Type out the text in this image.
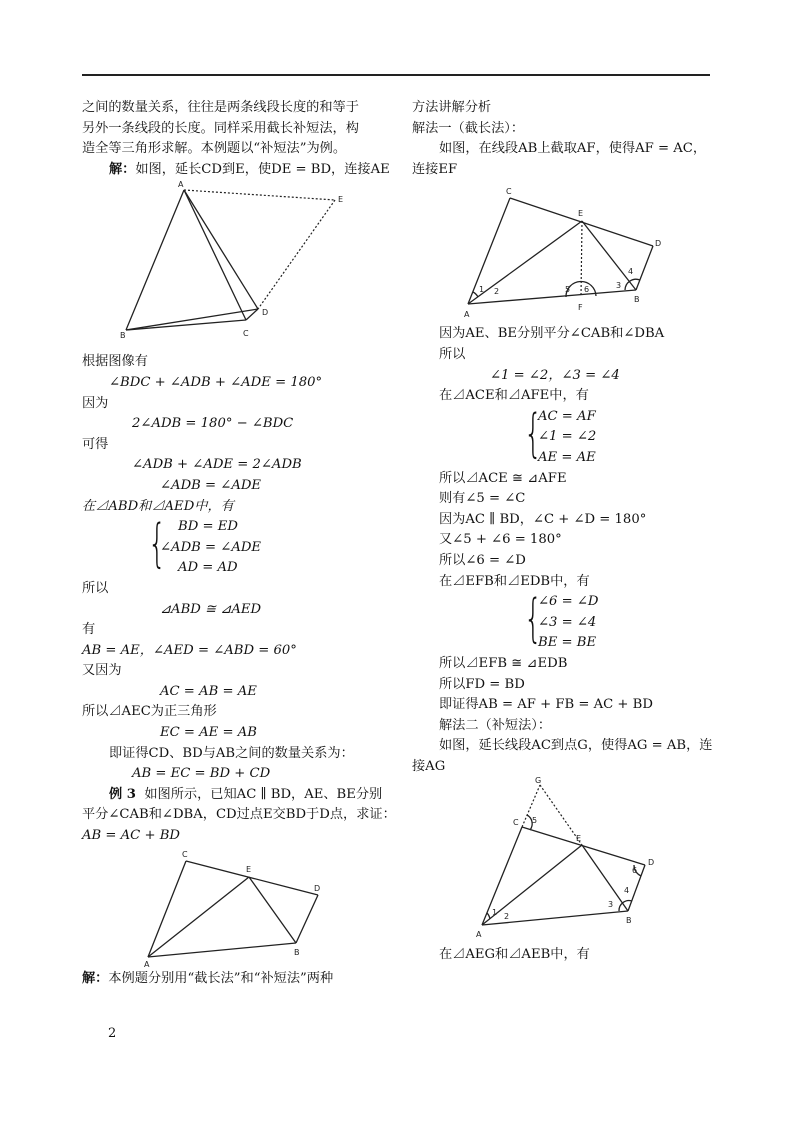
之间的数量关系，往往是两条线段长度的和等于
另外一条线段的长度。同样采用截长补短法，构
造全等三角形求解。本例题以“补短法”为例。
解：如图，延长CD到E，使DE = BD，连接AE
A
E
D
B	C
根据图像有
∠BDC + ∠ADB + ∠ADE = 180°
因为
2∠ADB = 180° − ∠BDC
可得
∠ADB + ∠ADE = 2∠ADB
∠ADB = ∠ADE
在⊿ABD和⊿AED中，有
{ BD = ED
∠ADB = ∠ADE
AD = AD
所以
⊿ABD ≅ ⊿AED
有
AB = AE，∠AED = ∠ABD = 60°
又因为
AC = AB = AE
所以⊿AEC为正三角形
EC = AE = AB
即证得CD、BD与AB之间的数量关系为：
AB = EC = BD + CD
例 3 如图所示，已知AC ∥ BD，AE、BE分别
平分∠CAB和∠DBA，CD过点E交BD于D点，求证：
AB = AC + BD
C
E
D
A
B
解：本例题分别用“截长法”和“补短法”两种
方法讲解分析
解法一（截长法）：
如图，在线段AB上截取AF，使得AF = AC，
连接EF
C
E
D
A
F
B
1 2
3
4
5 6
因为AE、BE分别平分∠CAB和∠DBA
所以
∠1 = ∠2，∠3 = ∠4
在⊿ACE和⊿AFE中，有
{
AC = AF
∠1 = ∠2
AE = AE
所以⊿ACE ≅ ⊿AFE
则有∠5 = ∠C
因为AC ∥ BD，∠C + ∠D = 180°
又∠5 + ∠6 = 180°
所以∠6 = ∠D
在⊿EFB和⊿EDB中，有
{
∠6 = ∠D
∠3 = ∠4
BE = BE
所以⊿EFB ≅ ⊿EDB
所以FD = BD
即证得AB = AF + FB = AC + BD
解法二（补短法）：
如图，延长线段AC到点G，使得AG = AB，连
接AG
G
C 5
E
D
6
4
3
1 2
A
B
在⊿AEG和⊿AEB中，有
2
